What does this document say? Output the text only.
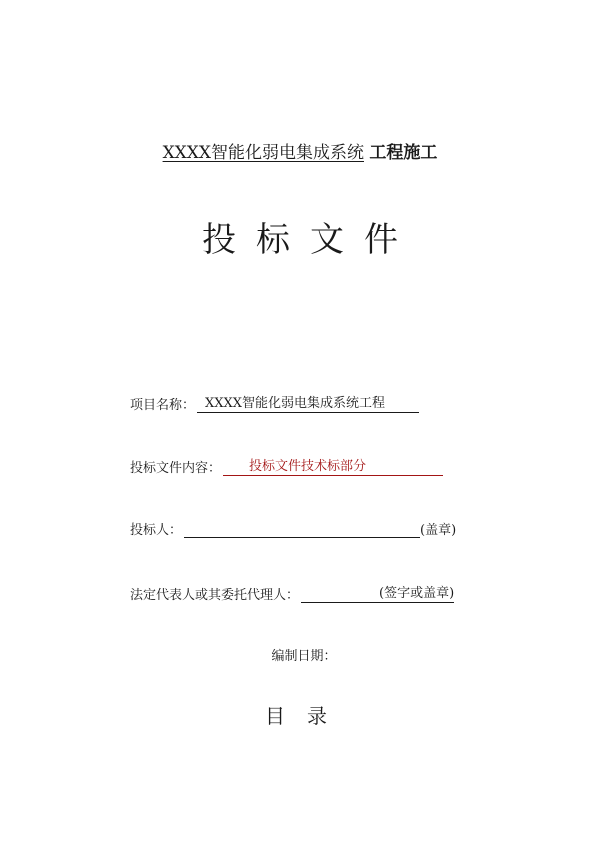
XXXX智能化弱电集成系统 工程施工
投标文件
项目名称： XXXX智能化弱电集成系统工程
投标文件内容：	投标文件技术标部分
投标人：
	(盖章)
法定代表人或其委托代理人：
	(签字或盖章)
编制日期：
目录
